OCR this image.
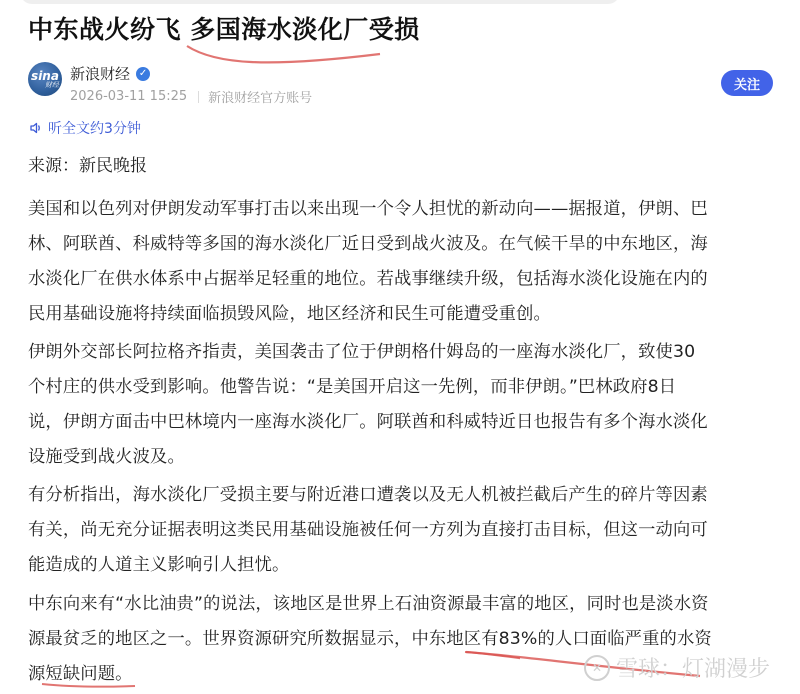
中东战火纷飞 多国海水淡化厂受损
sina
财经
新浪财经 ✓
2026-03-11 15:25 新浪财经官方账号
关注
听全文约3分钟
来源：新民晚报
美国和以色列对伊朗发动军事打击以来出现一个令人担忧的新动向——据报道，伊朗、巴
林、阿联酋、科威特等多国的海水淡化厂近日受到战火波及。在气候干旱的中东地区，海
水淡化厂在供水体系中占据举足轻重的地位。若战事继续升级，包括海水淡化设施在内的
民用基础设施将持续面临损毁风险，地区经济和民生可能遭受重创。
伊朗外交部长阿拉格齐指责，美国袭击了位于伊朗格什姆岛的一座海水淡化厂，致使30
个村庄的供水受到影响。他警告说：“是美国开启这一先例，而非伊朗。”巴林政府8日
说，伊朗方面击中巴林境内一座海水淡化厂。阿联酋和科威特近日也报告有多个海水淡化
设施受到战火波及。
有分析指出，海水淡化厂受损主要与附近港口遭袭以及无人机被拦截后产生的碎片等因素
有关，尚无充分证据表明这类民用基础设施被任何一方列为直接打击目标，但这一动向可
能造成的人道主义影响引人担忧。
中东向来有“水比油贵”的说法，该地区是世界上石油资源最丰富的地区，同时也是淡水资
源最贫乏的地区之一。世界资源研究所数据显示，中东地区有83%的人口面临严重的水资
源短缺问题。	✕ 雪球：灯湖漫步
